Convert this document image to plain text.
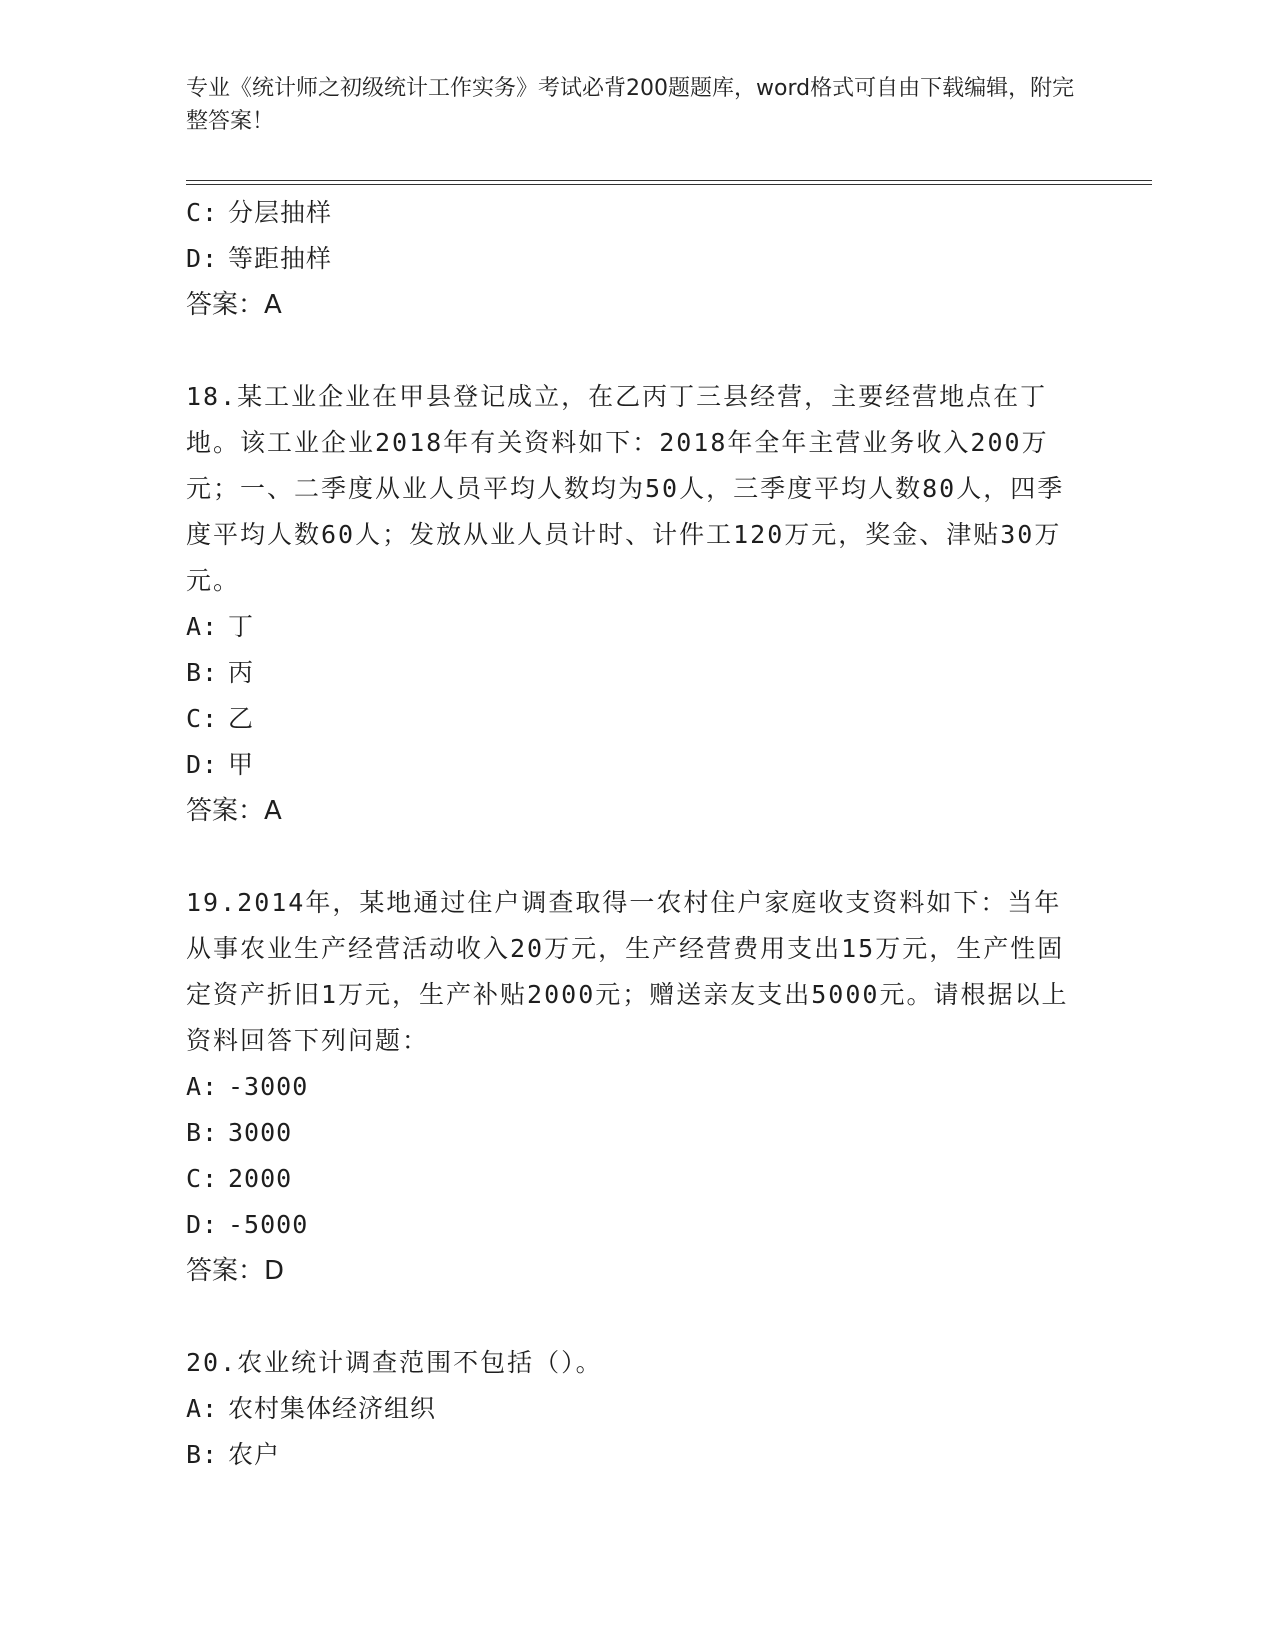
专业《统计师之初级统计工作实务》考试必背200题题库，word格式可自由下载编辑，附完整答案！
C: 分层抽样
D: 等距抽样
答案：A
18.某工业企业在甲县登记成立，在乙丙丁三县经营，主要经营地点在丁地。该工业企业2018年有关资料如下：2018年全年主营业务收入200万元；一、二季度从业人员平均人数均为50人，三季度平均人数80人，四季度平均人数60人；发放从业人员计时、计件工120万元，奖金、津贴30万元。
A: 丁
B: 丙
C: 乙
D: 甲
答案：A
19.2014年，某地通过住户调查取得一农村住户家庭收支资料如下：当年从事农业生产经营活动收入20万元，生产经营费用支出15万元，生产性固定资产折旧1万元，生产补贴2000元；赠送亲友支出5000元。请根据以上资料回答下列问题：
A: -3000
B: 3000
C: 2000
D: -5000
答案：D
20.农业统计调查范围不包括（）。
A: 农村集体经济组织
B: 农户
